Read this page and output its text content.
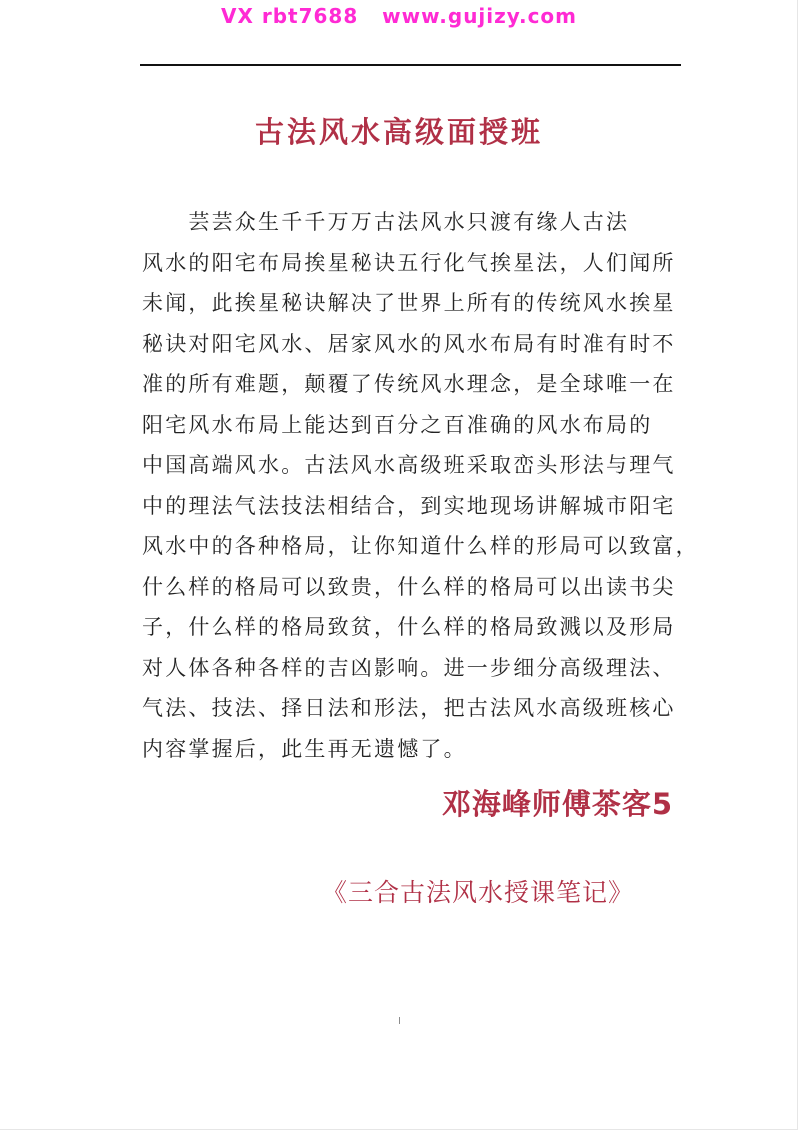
VX rbt7688   www.gujizy.com
古法风水高级面授班
　　芸芸众生千千万万古法风水只渡有缘人古法
风水的阳宅布局挨星秘诀五行化气挨星法，人们闻所
未闻，此挨星秘诀解决了世界上所有的传统风水挨星
秘诀对阳宅风水、居家风水的风水布局有时准有时不
准的所有难题，颠覆了传统风水理念，是全球唯一在
阳宅风水布局上能达到百分之百准确的风水布局的
中国高端风水。古法风水高级班采取峦头形法与理气
中的理法气法技法相结合，到实地现场讲解城市阳宅
风水中的各种格局，让你知道什么样的形局可以致富，
什么样的格局可以致贵，什么样的格局可以出读书尖
子，什么样的格局致贫，什么样的格局致溅以及形局
对人体各种各样的吉凶影响。进一步细分高级理法、
气法、技法、择日法和形法，把古法风水高级班核心
内容掌握后，此生再无遗憾了。
邓海峰师傅茶客5
《三合古法风水授课笔记》
I
